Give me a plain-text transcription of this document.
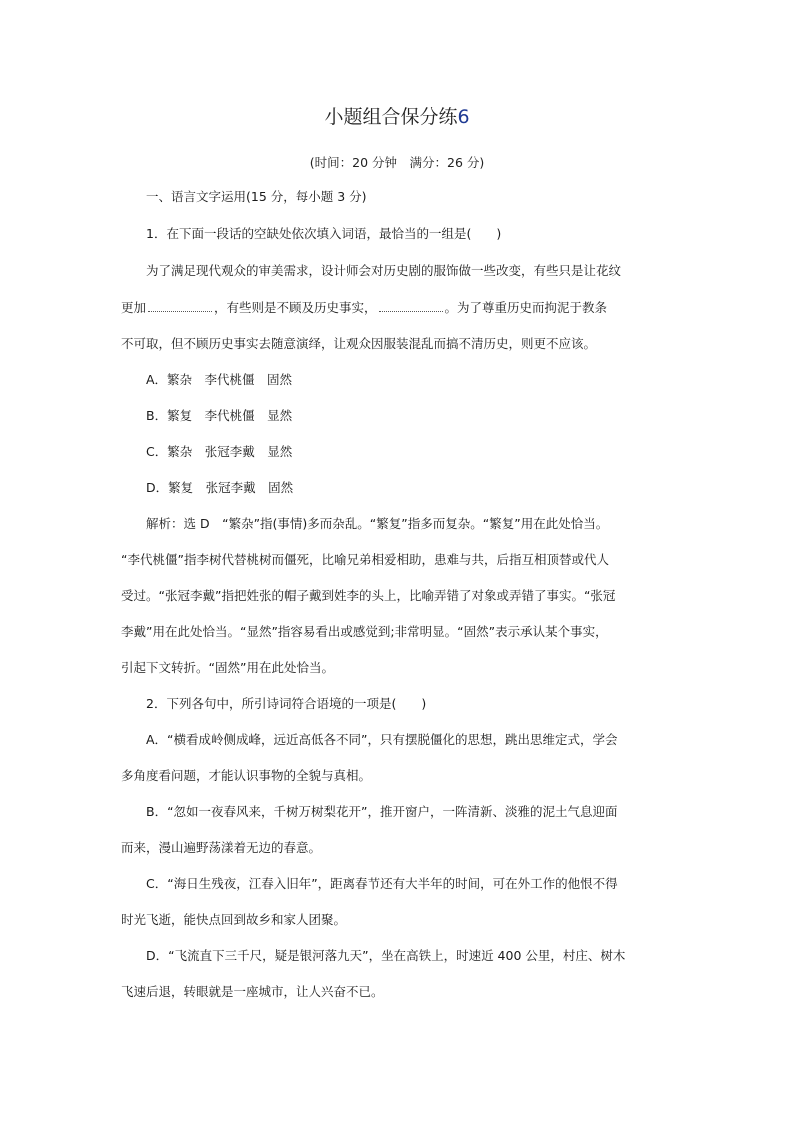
小题组合保分练6
(时间：20 分钟　满分：26 分)
一、语言文字运用(15 分，每小题 3 分)
1．在下面一段话的空缺处依次填入词语，最恰当的一组是(　　)
为了满足现代观众的审美需求，设计师会对历史剧的服饰做一些改变，有些只是让花纹
更加	，有些则是不顾及历史事实，	。为了尊重历史而拘泥于教条
不可取，但不顾历史事实去随意演绎，让观众因服装混乱而搞不清历史，则更不应该。
A．繁杂　李代桃僵　固然
B．繁复　李代桃僵　显然
C．繁杂　张冠李戴　显然
D．繁复　张冠李戴　固然
解析：选 D　“繁杂”指(事情)多而杂乱。“繁复”指多而复杂。“繁复”用在此处恰当。
“李代桃僵”指李树代替桃树而僵死，比喻兄弟相爱相助，患难与共，后指互相顶替或代人
受过。“张冠李戴”指把姓张的帽子戴到姓李的头上，比喻弄错了对象或弄错了事实。“张冠
李戴”用在此处恰当。“显然”指容易看出或感觉到;非常明显。“固然”表示承认某个事实，
引起下文转折。“固然”用在此处恰当。
2．下列各句中，所引诗词符合语境的一项是(　　)
A．“横看成岭侧成峰，远近高低各不同”，只有摆脱僵化的思想，跳出思维定式，学会
多角度看问题，才能认识事物的全貌与真相。
B．“忽如一夜春风来，千树万树梨花开”，推开窗户，一阵清新、淡雅的泥土气息迎面
而来，漫山遍野荡漾着无边的春意。
C．“海日生残夜，江春入旧年”，距离春节还有大半年的时间，可在外工作的他恨不得
时光飞逝，能快点回到故乡和家人团聚。
D．“飞流直下三千尺，疑是银河落九天”，坐在高铁上，时速近 400 公里，村庄、树木
飞速后退，转眼就是一座城市，让人兴奋不已。
